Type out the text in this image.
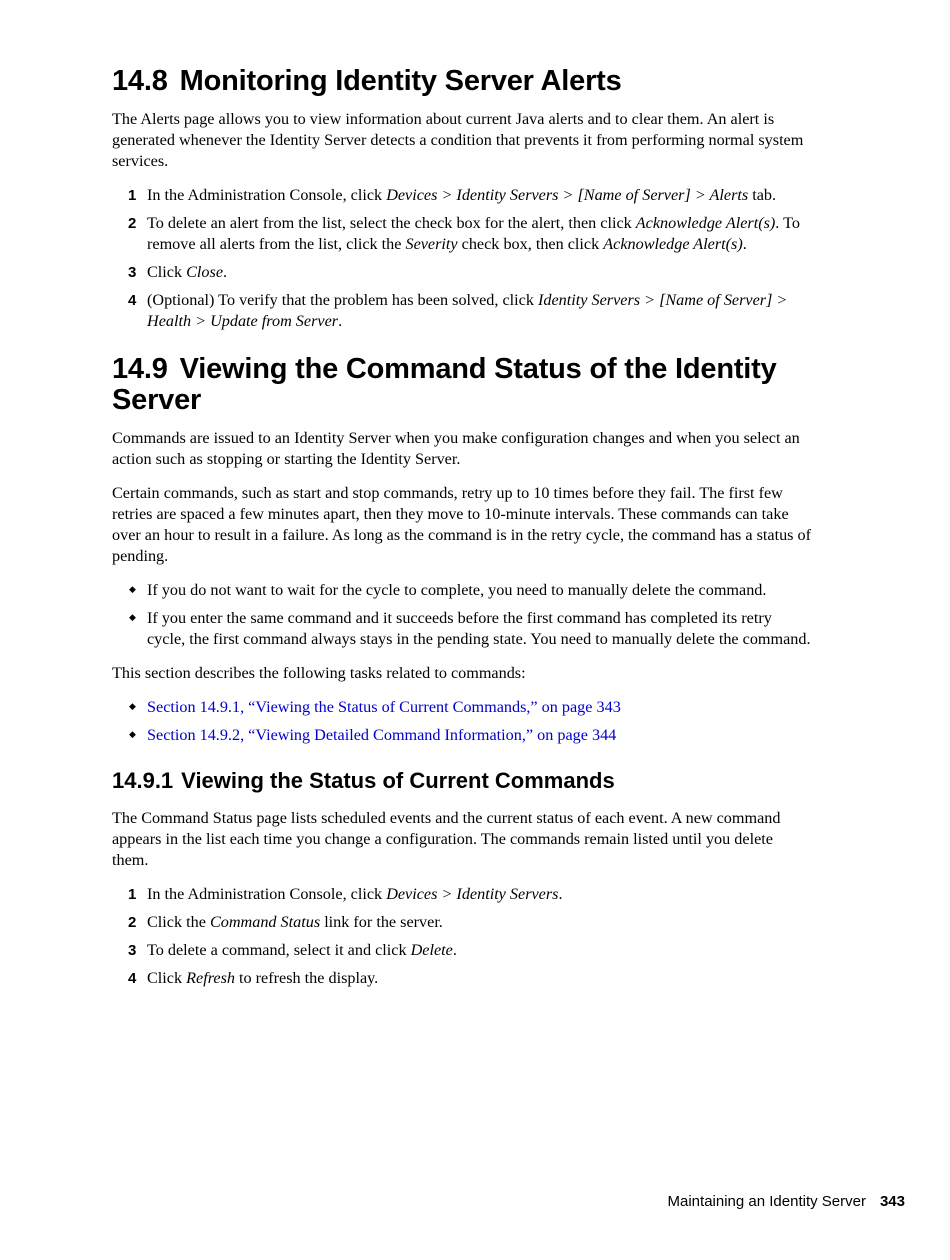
14.8 Monitoring Identity Server Alerts

The Alerts page allows you to view information about current Java alerts and to clear them. An alert is generated whenever the Identity Server detects a condition that prevents it from performing normal system services.

1 In the Administration Console, click Devices > Identity Servers > [Name of Server] > Alerts tab.
2 To delete an alert from the list, select the check box for the alert, then click Acknowledge Alert(s). To remove all alerts from the list, click the Severity check box, then click Acknowledge Alert(s).
3 Click Close.
4 (Optional) To verify that the problem has been solved, click Identity Servers > [Name of Server] > Health > Update from Server.
14.9 Viewing the Command Status of the Identity Server

Commands are issued to an Identity Server when you make configuration changes and when you select an action such as stopping or starting the Identity Server.

Certain commands, such as start and stop commands, retry up to 10 times before they fail. The first few retries are spaced a few minutes apart, then they move to 10-minute intervals. These commands can take over an hour to result in a failure. As long as the command is in the retry cycle, the command has a status of pending.

◆ If you do not want to wait for the cycle to complete, you need to manually delete the command.
◆ If you enter the same command and it succeeds before the first command has completed its retry cycle, the first command always stays in the pending state. You need to manually delete the command.

This section describes the following tasks related to commands:

◆ Section 14.9.1, “Viewing the Status of Current Commands,” on page 343
◆ Section 14.9.2, “Viewing Detailed Command Information,” on page 344
14.9.1 Viewing the Status of Current Commands

The Command Status page lists scheduled events and the current status of each event. A new command appears in the list each time you change a configuration. The commands remain listed until you delete them.

1 In the Administration Console, click Devices > Identity Servers.
2 Click the Command Status link for the server.
3 To delete a command, select it and click Delete.
4 Click Refresh to refresh the display.
Maintaining an Identity Server 343
